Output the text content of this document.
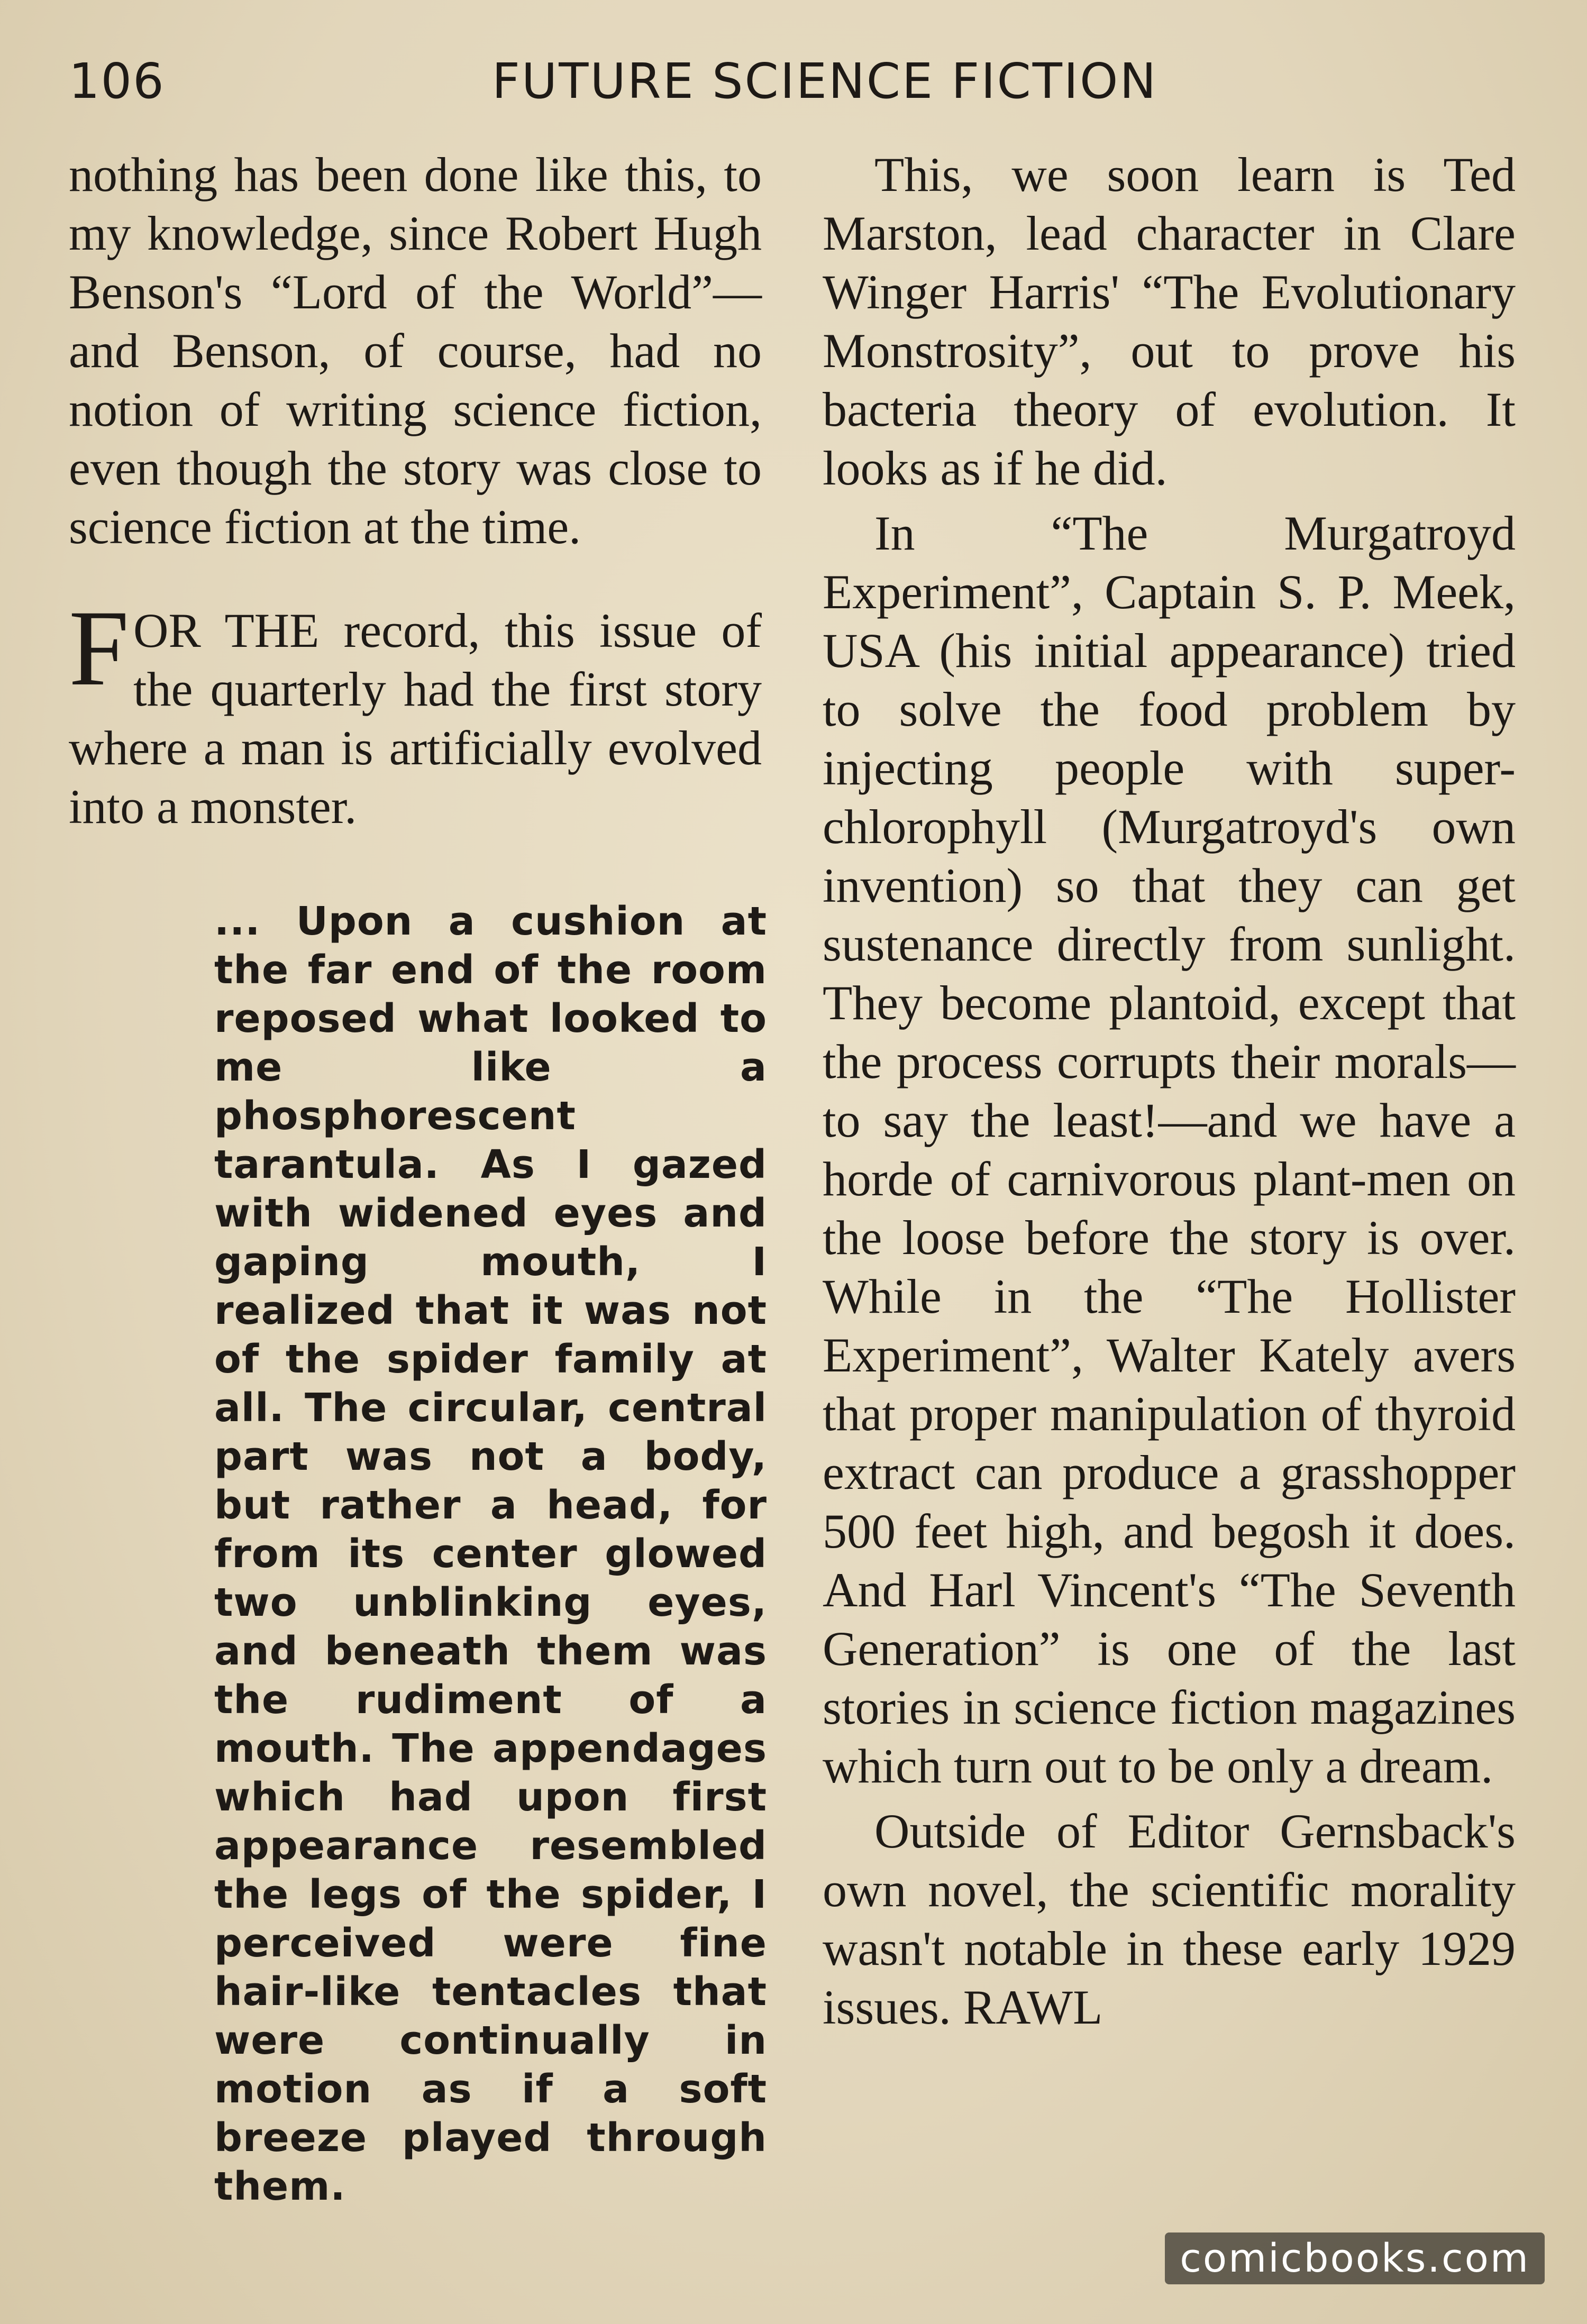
106	FUTURE SCIENCE FICTION

nothing has been done like this, to my knowledge, since Robert Hugh Benson's “Lord of the World”—and Benson, of course, had no notion of writing science fiction, even though the story was close to science fiction at the time.

FOR THE record, this issue of the quarterly had the first story where a man is artificially evolved into a monster.

... Upon a cushion at the far end of the room reposed what looked to me like a phosphorescent tarantula. As I gazed with widened eyes and gaping mouth, I realized that it was not of the spider family at all. The circular, central part was not a body, but rather a head, for from its center glowed two unblinking eyes, and beneath them was the rudiment of a mouth. The appendages which had upon first appearance resembled the legs of the spider, I perceived were fine hair-like tentacles that were continually in motion as if a soft breeze played through them.

This, we soon learn is Ted Marston, lead character in Clare Winger Harris' “The Evolutionary Monstrosity”, out to prove his bacteria theory of evolution. It looks as if he did.

In “The Murgatroyd Experiment”, Captain S. P. Meek, USA (his initial appearance) tried to solve the food problem by injecting people with super-chlorophyll (Murgatroyd's own invention) so that they can get sustenance directly from sunlight. They become plantoid, except that the process corrupts their morals—to say the least!—and we have a horde of carnivorous plant-men on the loose before the story is over. While in the “The Hollister Experiment”, Walter Kately avers that proper manipulation of thyroid extract can produce a grasshopper 500 feet high, and begosh it does. And Harl Vincent's “The Seventh Generation” is one of the last stories in science fiction magazines which turn out to be only a dream.

Outside of Editor Gernsback's own novel, the scientific morality wasn't notable in these early 1929 issues. RAWL

comicbooks.com
